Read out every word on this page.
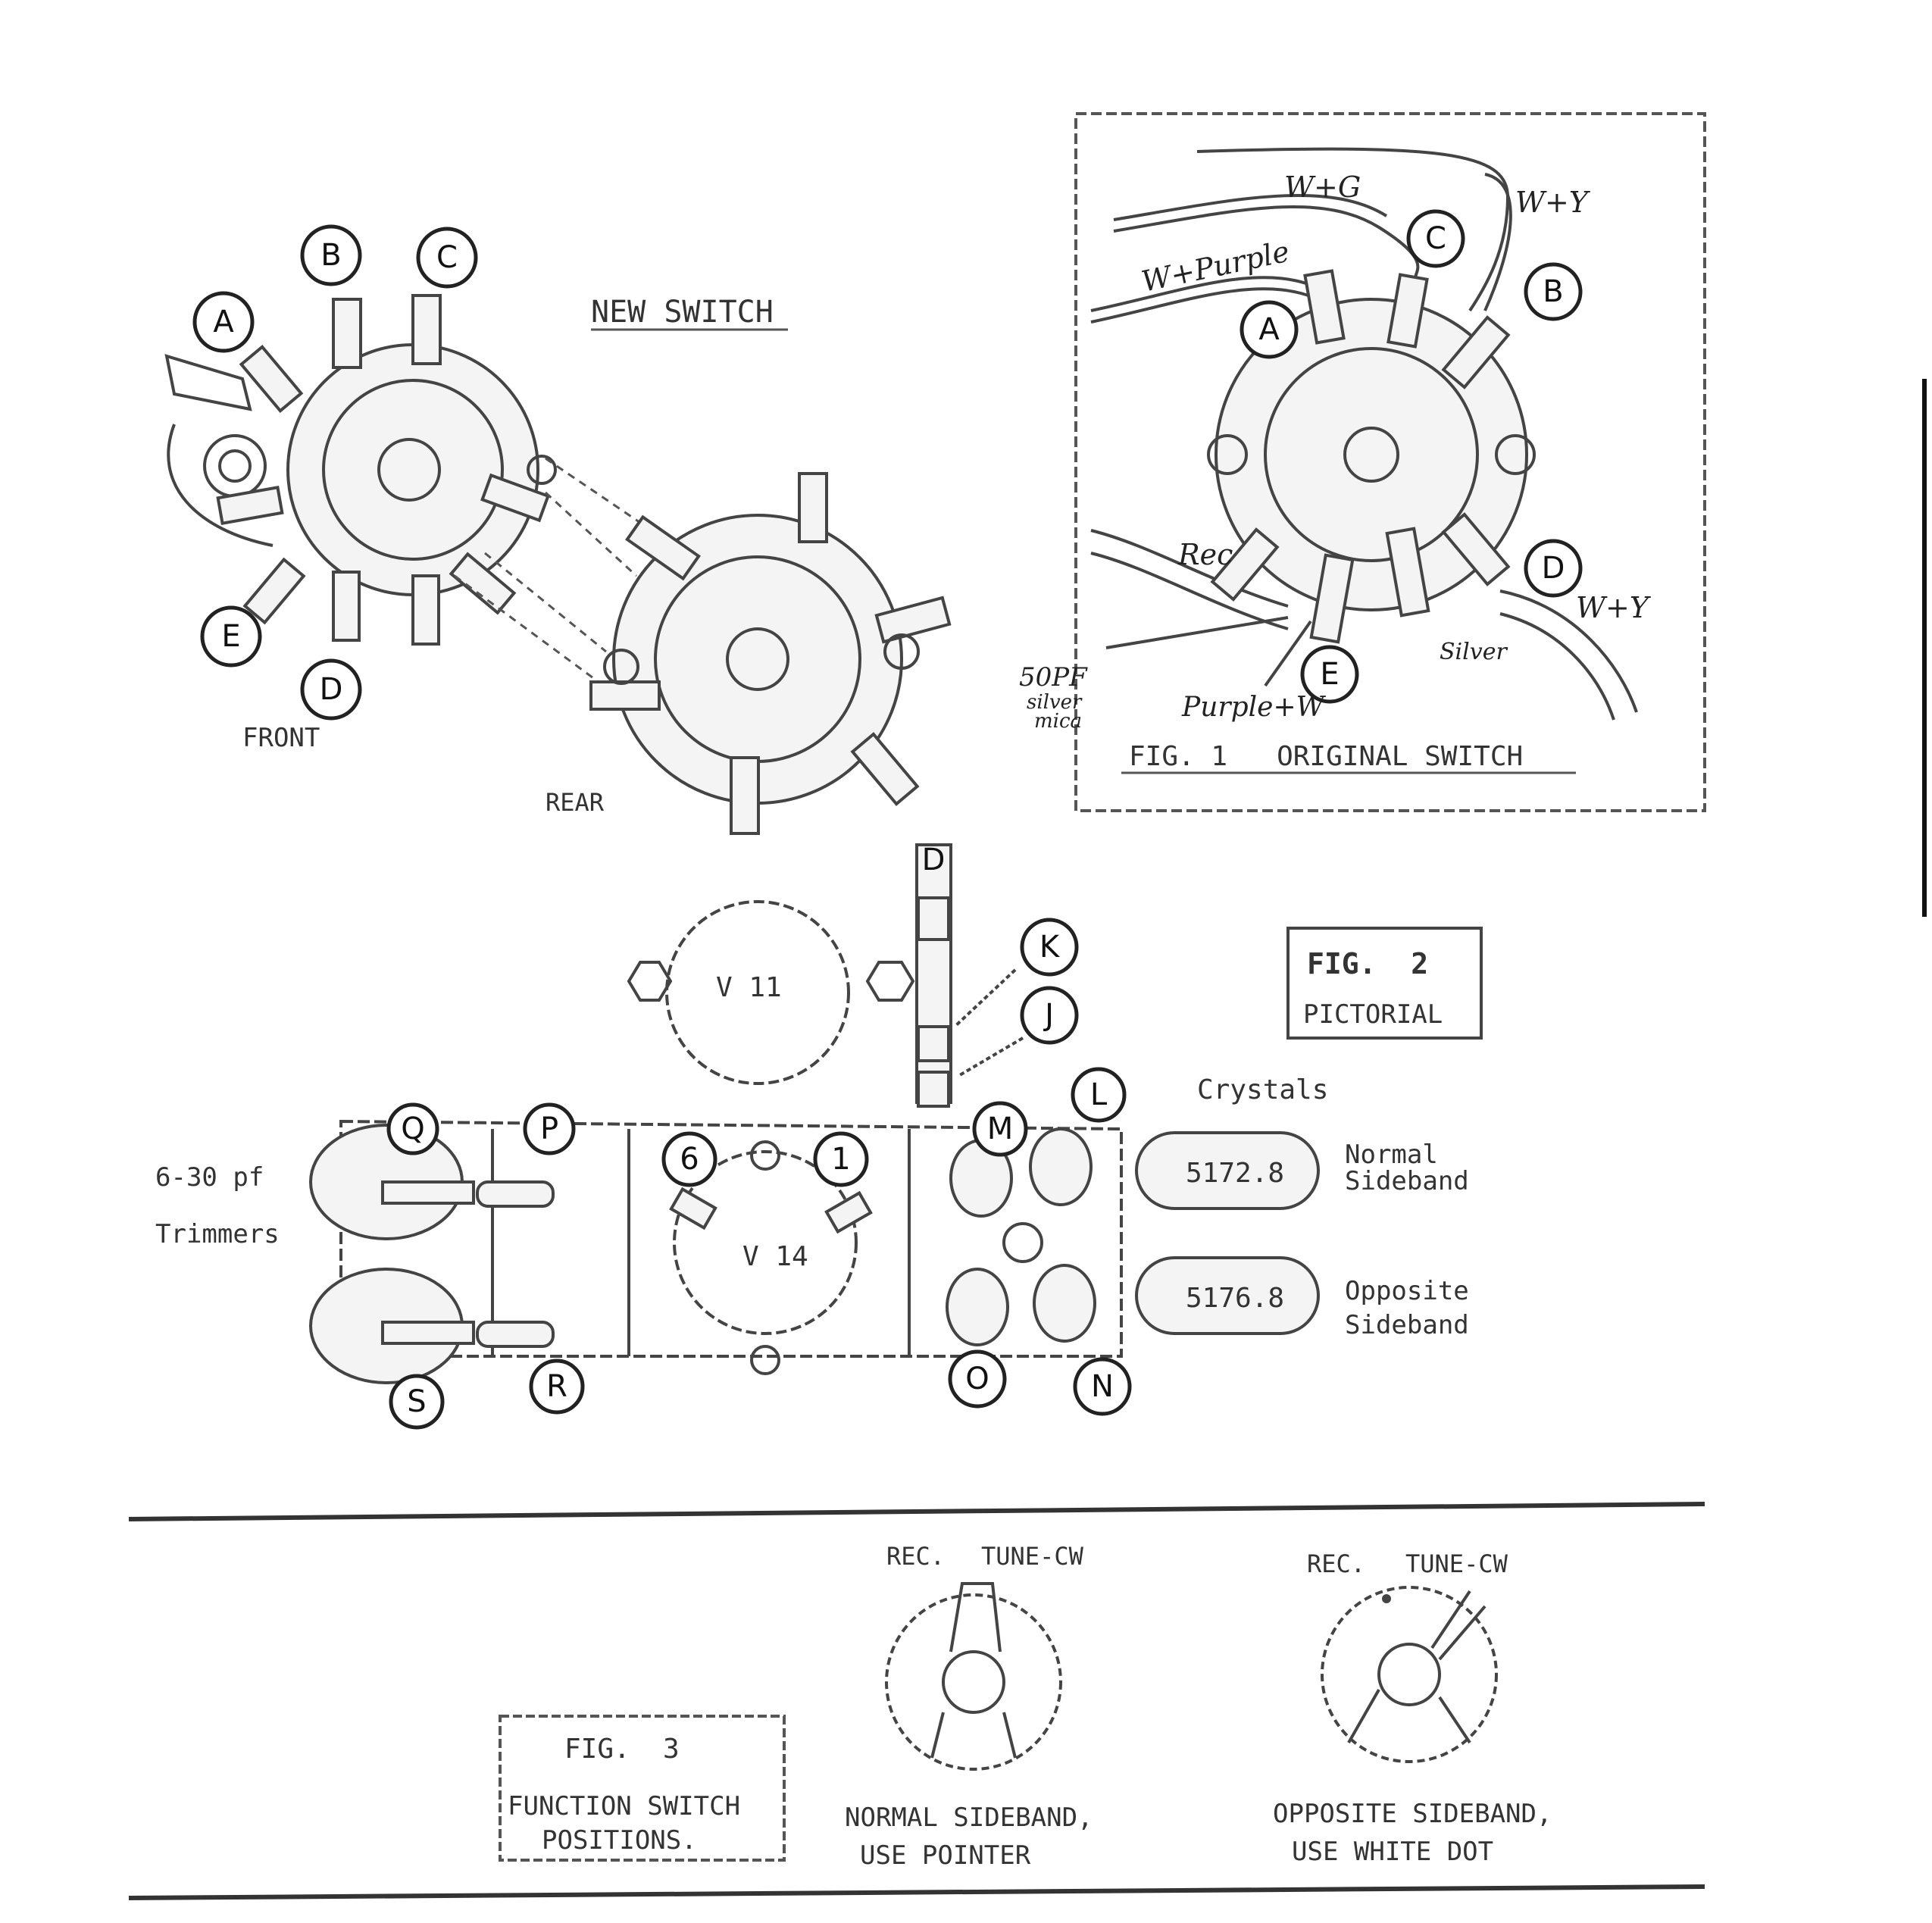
A
B	C
D
E
NEW SWITCH
FRONT
REAR
A
B
C
D
E
W+G	W+Y
W+Purple
Rec
W+Y
50PF
silver
mica	Purple+W
Silver
FIG. 1   ORIGINAL SWITCH
FIG.  2
PICTORIAL
V 11
K
J
D
V 14
5172.8
5176.8
Crystals
Normal
Sideband
Opposite
Sideband
6-30 pf
Trimmers
6	1
Q	P
S	R
M
L
O	N
FIG.  3
FUNCTION SWITCH
POSITIONS.
REC. TUNE-CW
NORMAL SIDEBAND,
USE POINTER
REC. TUNE-CW
OPPOSITE SIDEBAND,
USE WHITE DOT
